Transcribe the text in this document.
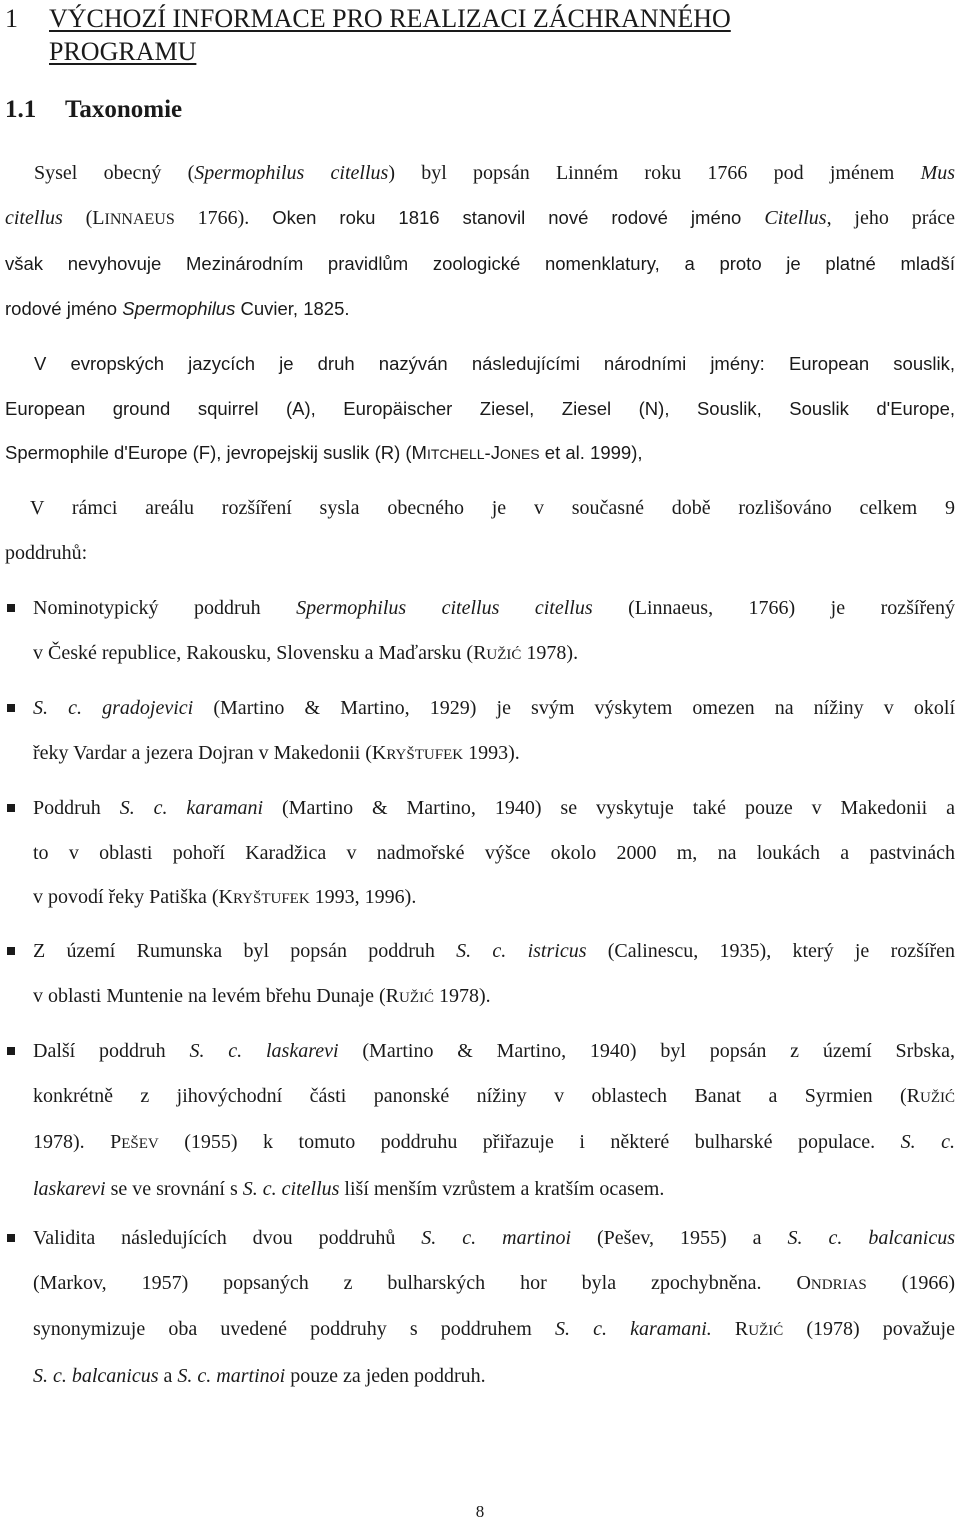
1 VÝCHOZÍ INFORMACE PRO REALIZACI ZÁCHRANNÉHO
PROGRAMU
1.1 Taxonomie
Sysel obecný (Spermophilus citellus) byl popsán Linném roku 1766 pod jménem Mus
citellus (LINNAEUS 1766). Oken roku 1816 stanovil nové rodové jméno Citellus, jeho práce
však nevyhovuje Mezinárodním pravidlům zoologické nomenklatury, a proto je platné mladší
rodové jméno Spermophilus Cuvier, 1825.
V evropských jazycích je druh nazýván následujícími národními jmény: European souslik,
European ground squirrel (A), Europäischer Ziesel, Ziesel (N), Souslik, Souslik d'Europe,
Spermophile d'Europe (F), jevropejskij suslik (R) (MITCHELL-JONES et al. 1999),
V rámci areálu rozšíření sysla obecného je v současné době rozlišováno celkem 9
poddruhů:
Nominotypický poddruh Spermophilus citellus citellus (Linnaeus, 1766) je rozšířený
v České republice, Rakousku, Slovensku a Maďarsku (RUŽIĆ 1978).
S. c. gradojevici (Martino & Martino, 1929) je svým výskytem omezen na nížiny v okolí
řeky Vardar a jezera Dojran v Makedonii (KRYŠTUFEK 1993).
Poddruh S. c. karamani (Martino & Martino, 1940) se vyskytuje také pouze v Makedonii a
to v oblasti pohoří Karadžica v nadmořské výšce okolo 2000 m, na loukách a pastvinách
v povodí řeky Patiška (KRYŠTUFEK 1993, 1996).
Z území Rumunska byl popsán poddruh S. c. istricus (Calinescu, 1935), který je rozšířen
v oblasti Muntenie na levém břehu Dunaje (RUŽIĆ 1978).
Další poddruh S. c. laskarevi (Martino & Martino, 1940) byl popsán z území Srbska,
konkrétně z jihovýchodní části panonské nížiny v oblastech Banat a Syrmien (RUŽIĆ
1978). PEŠEV (1955) k tomuto poddruhu přiřazuje i některé bulharské populace. S. c.
laskarevi se ve srovnání s S. c. citellus liší menším vzrůstem a kratším ocasem.
Validita následujících dvou poddruhů S. c. martinoi (Pešev, 1955) a S. c. balcanicus
(Markov, 1957) popsaných z bulharských hor byla zpochybněna. ONDRIAS (1966)
synonymizuje oba uvedené poddruhy s poddruhem S. c. karamani. RUŽIĆ (1978) považuje
S. c. balcanicus a S. c. martinoi pouze za jeden poddruh.
8
